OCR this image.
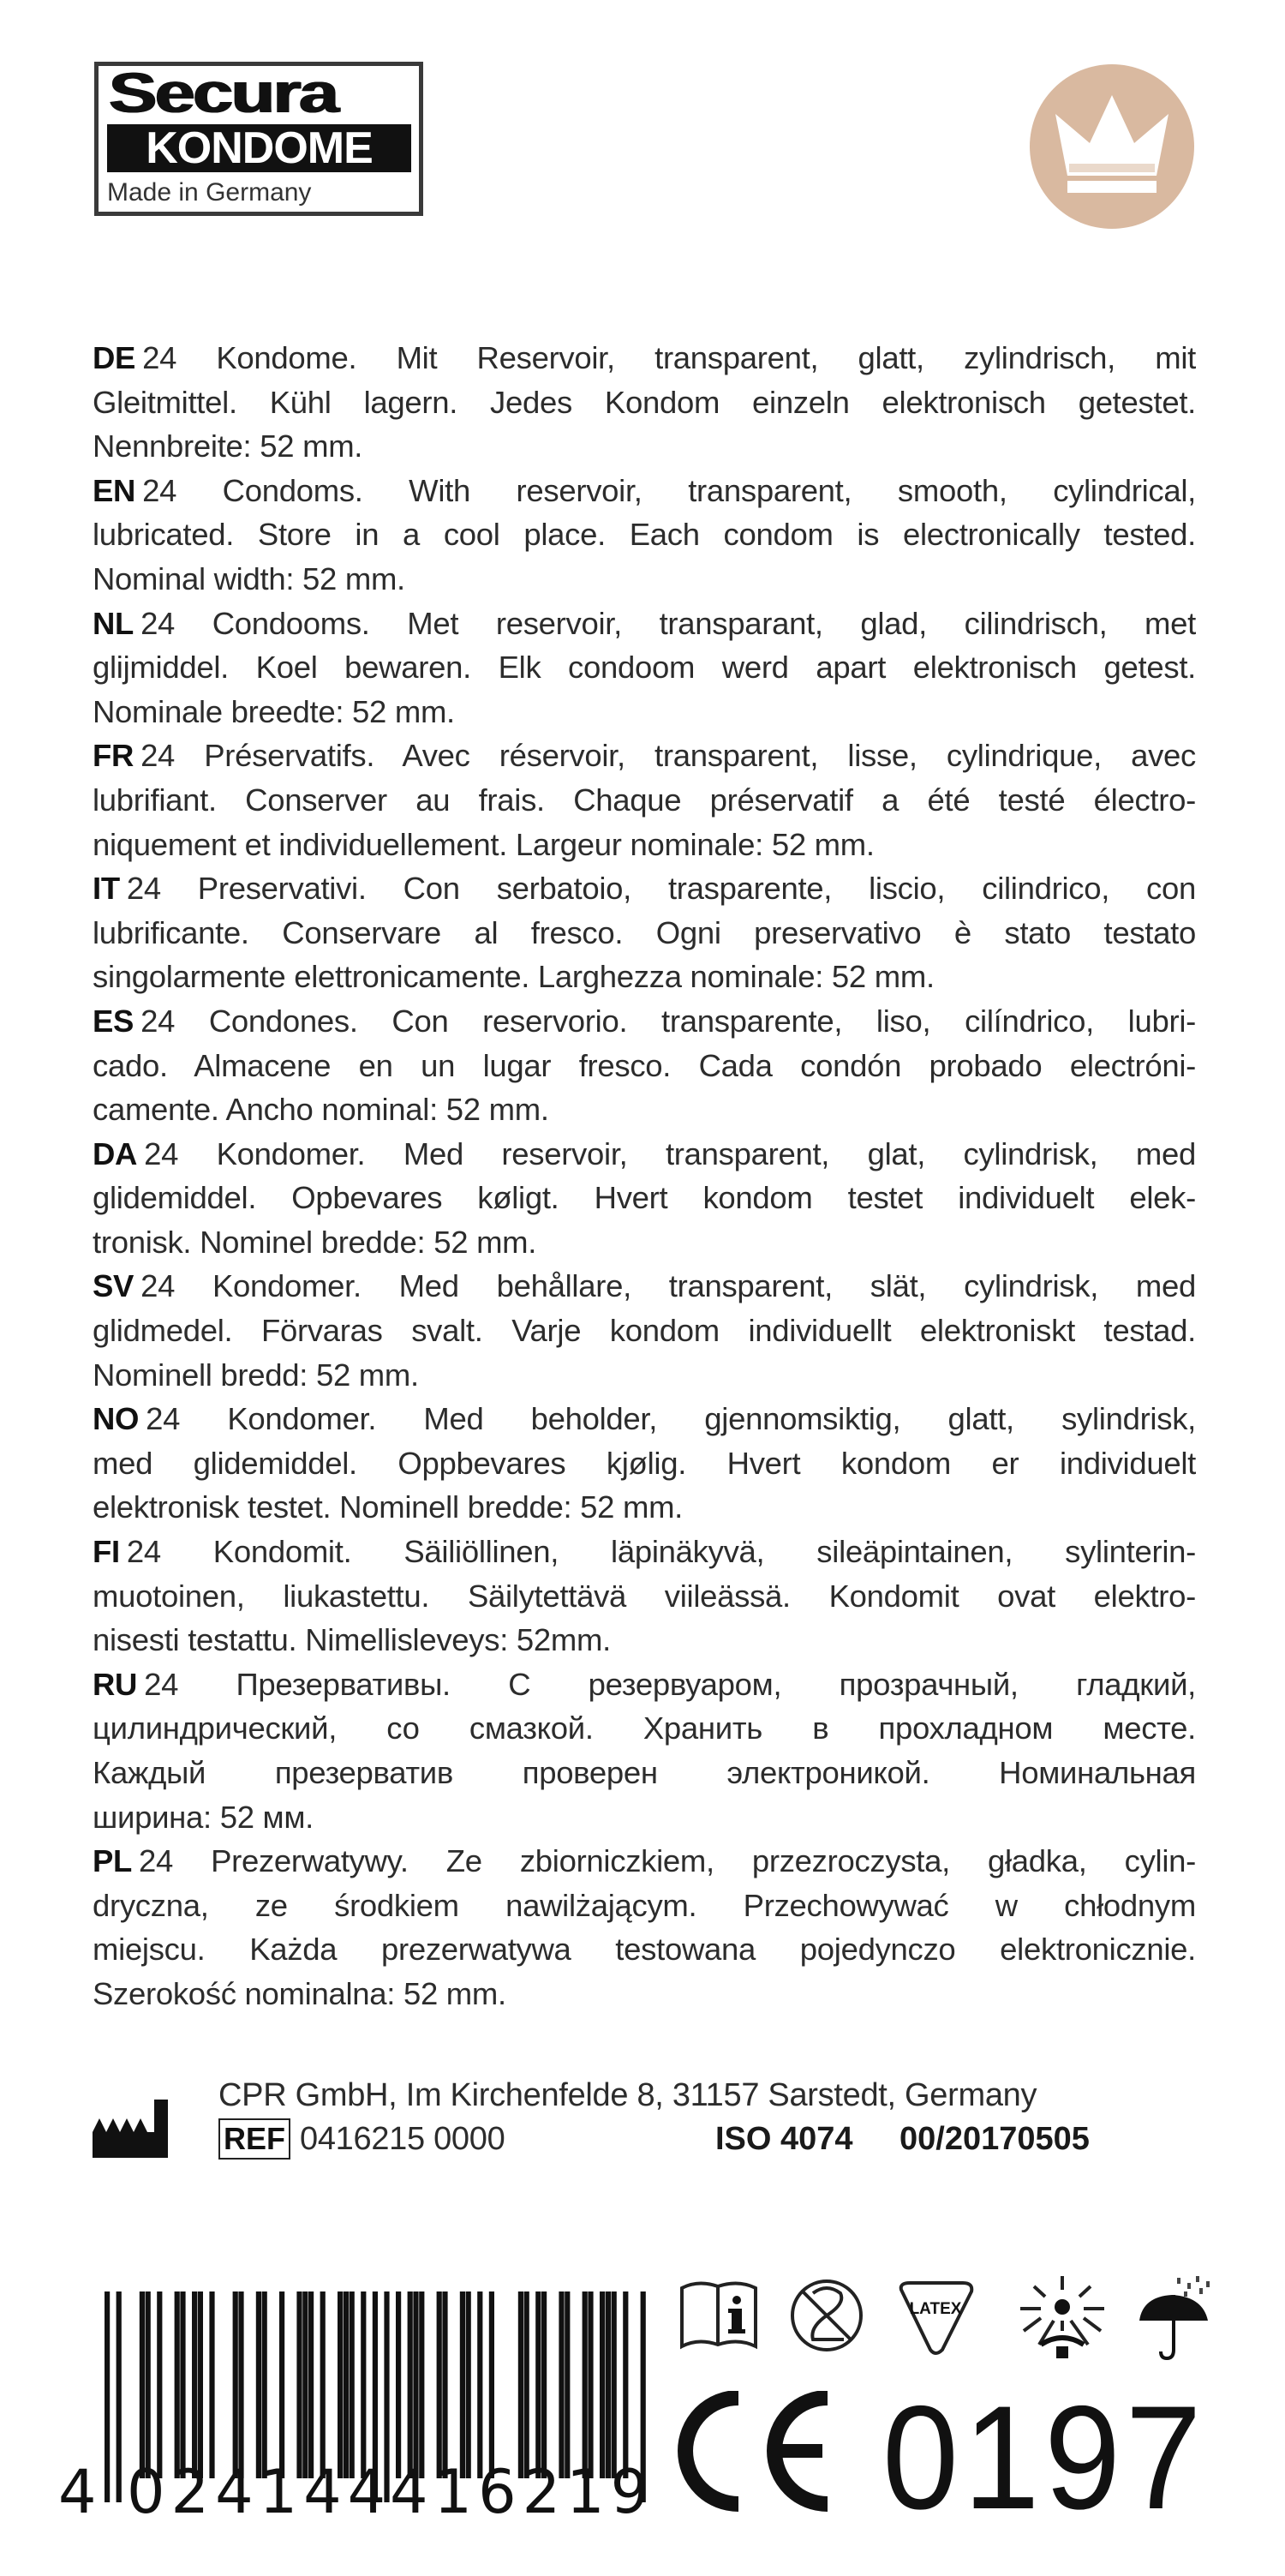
Secura
KONDOME
Made in Germany
DE 24 Kondome. Mit Reservoir, transparent, glatt, zylindrisch, mit
Gleitmittel. Kühl lagern. Jedes Kondom einzeln elektronisch getestet.
Nennbreite: 52 mm.
EN 24 Condoms. With reservoir, transparent, smooth, cylindrical,
lubricated. Store in a cool place. Each condom is electronically tested.
Nominal width: 52 mm.
NL 24 Condooms. Met reservoir, transparant, glad, cilindrisch, met
glijmiddel. Koel bewaren. Elk condoom werd apart elektronisch getest.
Nominale breedte: 52 mm.
FR 24 Préservatifs. Avec réservoir, transparent, lisse, cylindrique, avec
lubrifiant. Conserver au frais. Chaque préservatif a été testé électro-
niquement et individuellement. Largeur nominale: 52 mm.
IT 24 Preservativi. Con serbatoio, trasparente, liscio, cilindrico, con
lubrificante. Conservare al fresco. Ogni preservativo è stato testato
singolarmente elettronicamente. Larghezza nominale: 52 mm.
ES 24 Condones. Con reservorio. transparente, liso, cilíndrico, lubri-
cado. Almacene en un lugar fresco. Cada condón probado electróni-
camente. Ancho nominal: 52 mm.
DA 24 Kondomer. Med reservoir, transparent, glat, cylindrisk, med
glidemiddel. Opbevares køligt. Hvert kondom testet individuelt elek-
tronisk. Nominel bredde: 52 mm.
SV 24 Kondomer. Med behållare, transparent, slät, cylindrisk, med
glidmedel. Förvaras svalt. Varje kondom individuellt elektroniskt testad.
Nominell bredd: 52 mm.
NO 24 Kondomer. Med beholder, gjennomsiktig, glatt, sylindrisk,
med glidemiddel. Oppbevares kjølig. Hvert kondom er individuelt
elektronisk testet. Nominell bredde: 52 mm.
FI 24 Kondomit. Säiliöllinen, läpinäkyvä, sileäpintainen, sylinterin-
muotoinen, liukastettu. Säilytettävä viileässä. Kondomit ovat elektro-
nisesti testattu. Nimellisleveys: 52mm.
RU 24 Презервативы. С резервуаром, прозрачный, гладкий,
цилиндрический, со смазкой. Хранить в прохладном месте.
Каждый презерватив проверен электроникой. Номинальная
ширина: 52 мм.
PL 24 Prezerwatywy. Ze zbiorniczkiem, przezroczysta, gładka, cylin-
dryczna, ze środkiem nawilżającym. Przechowywać w chłodnym
miejscu. Każda prezerwatywa testowana pojedynczo elektronicznie.
Szerokość nominalna: 52 mm.
CPR GmbH, Im Kirchenfelde 8, 31157 Sarstedt, Germany
REF 0416215 0000	ISO 4074 00/20170505
4 024144
416219
LATEX
0197
